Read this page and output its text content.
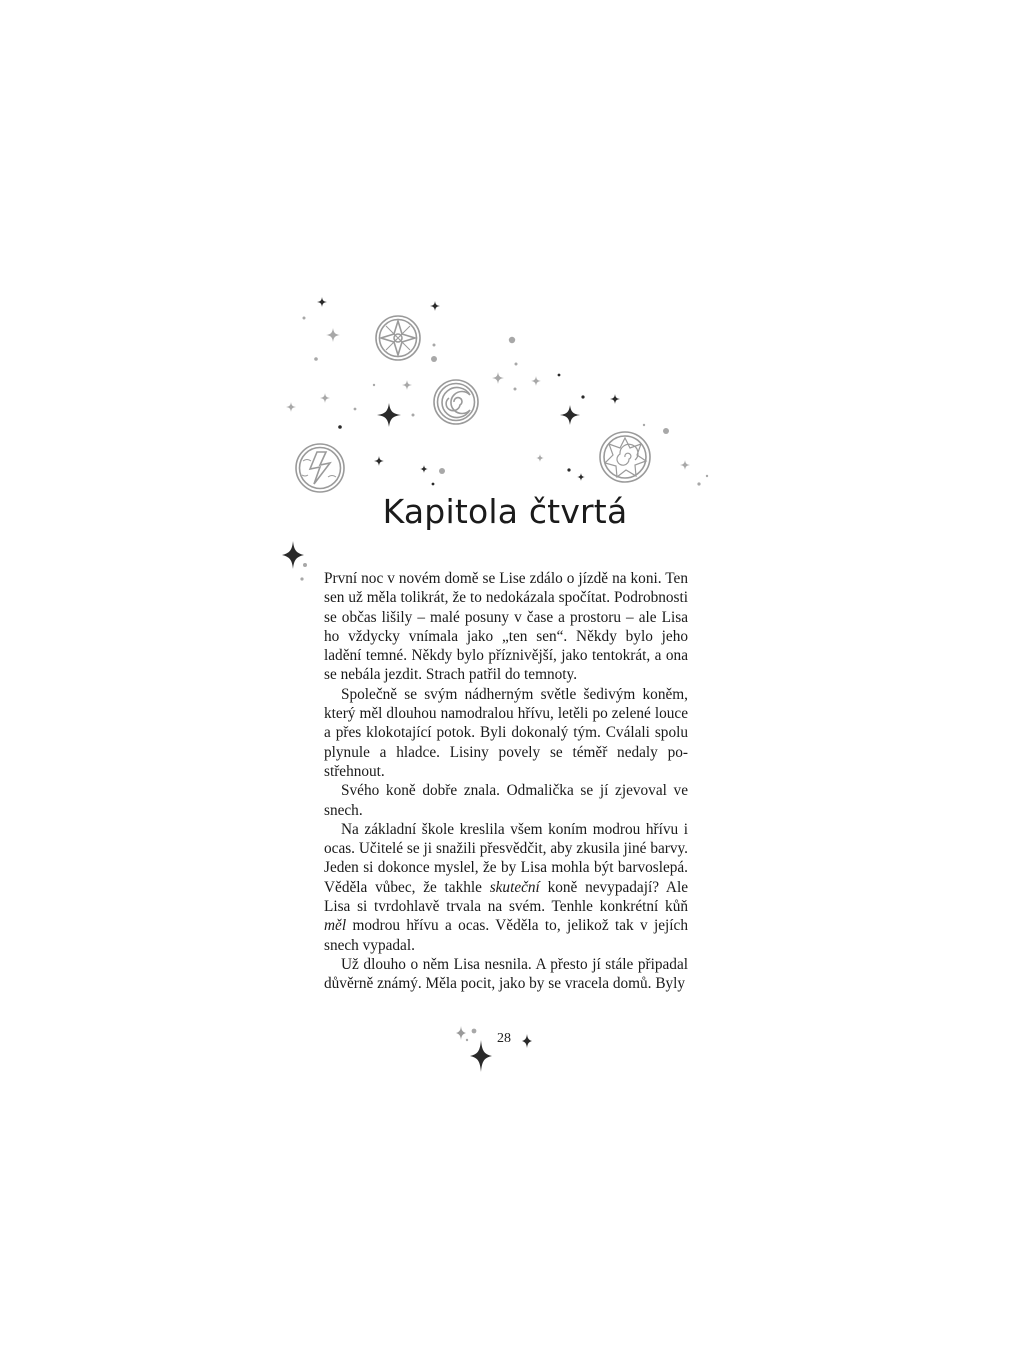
Kapitola čtvrtá

První noc v novém domě se Lise zdálo o jízdě na koni. Ten sen už měla tolikrát, že to nedokázala spočítat. Podrobnosti se občas lišily – malé posuny v čase a prostoru – ale Lisa ho vždycky vnímala jako „ten sen“. Někdy bylo jeho ladění temné. Někdy bylo příznivější, jako tentokrát, a ona se nebála jezdit. Strach patřil do temnoty.

Společně se svým nádherným světle šedivým koněm, který měl dlouhou namodralou hřívu, letěli po zelené louce a přes klokotající potok. Byli dokonalý tým. Cválali spolu plynule a hladce. Lisiny povely se téměř nedaly postřehnout.

Svého koně dobře znala. Odmalička se jí zjevoval ve snech.

Na základní škole kreslila všem koním modrou hřívu i ocas. Učitelé se ji snažili přesvědčit, aby zkusila jiné barvy. Jeden si dokonce myslel, že by Lisa mohla být barvoslepá. Věděla vůbec, že takhle skuteční koně nevypadají? Ale Lisa si tvrdohlavě trvala na svém. Tenhle konkrétní kůň měl modrou hřívu a ocas. Věděla to, jelikož tak v jejích snech vypadal.

Už dlouho o něm Lisa nesnila. A přesto jí stále připadal důvěrně známý. Měla pocit, jako by se vracela domů. Byly

28
